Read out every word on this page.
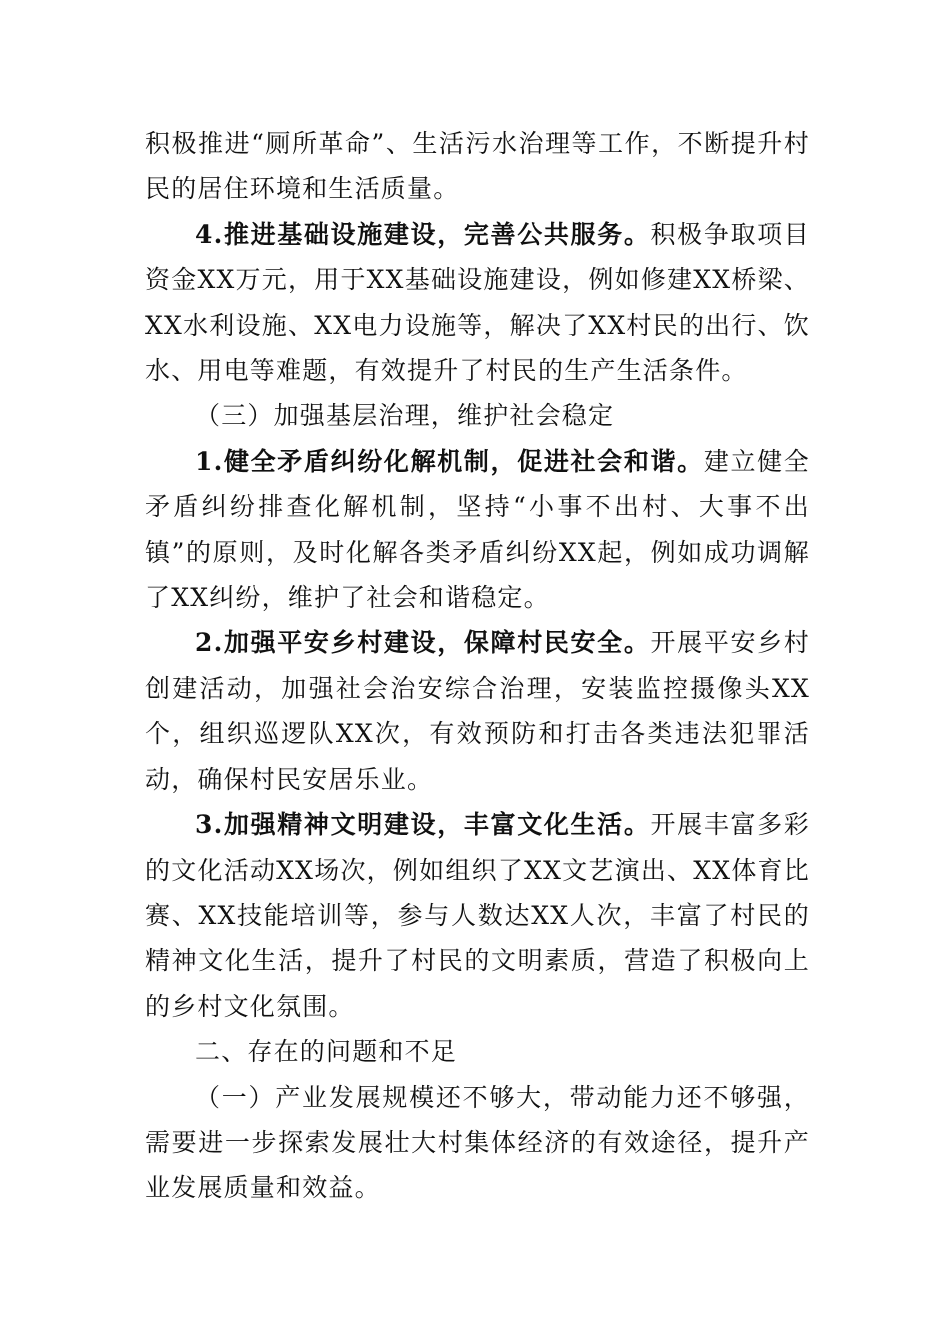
积极推进“厕所革命”、生活污水治理等工作，不断提升村民的居住环境和生活质量。

4.推进基础设施建设，完善公共服务。积极争取项目资金XX万元，用于XX基础设施建设，例如修建XX桥梁、XX水利设施、XX电力设施等，解决了XX村民的出行、饮水、用电等难题，有效提升了村民的生产生活条件。

（三）加强基层治理，维护社会稳定

1.健全矛盾纠纷化解机制，促进社会和谐。建立健全矛盾纠纷排查化解机制，坚持“小事不出村、大事不出镇”的原则，及时化解各类矛盾纠纷XX起，例如成功调解了XX纠纷，维护了社会和谐稳定。

2.加强平安乡村建设，保障村民安全。开展平安乡村创建活动，加强社会治安综合治理，安装监控摄像头XX个，组织巡逻队XX次，有效预防和打击各类违法犯罪活动，确保村民安居乐业。

3.加强精神文明建设，丰富文化生活。开展丰富多彩的文化活动XX场次，例如组织了XX文艺演出、XX体育比赛、XX技能培训等，参与人数达XX人次，丰富了村民的精神文化生活，提升了村民的文明素质，营造了积极向上的乡村文化氛围。

二、存在的问题和不足

（一）产业发展规模还不够大，带动能力还不够强，需要进一步探索发展壮大村集体经济的有效途径，提升产业发展质量和效益。
